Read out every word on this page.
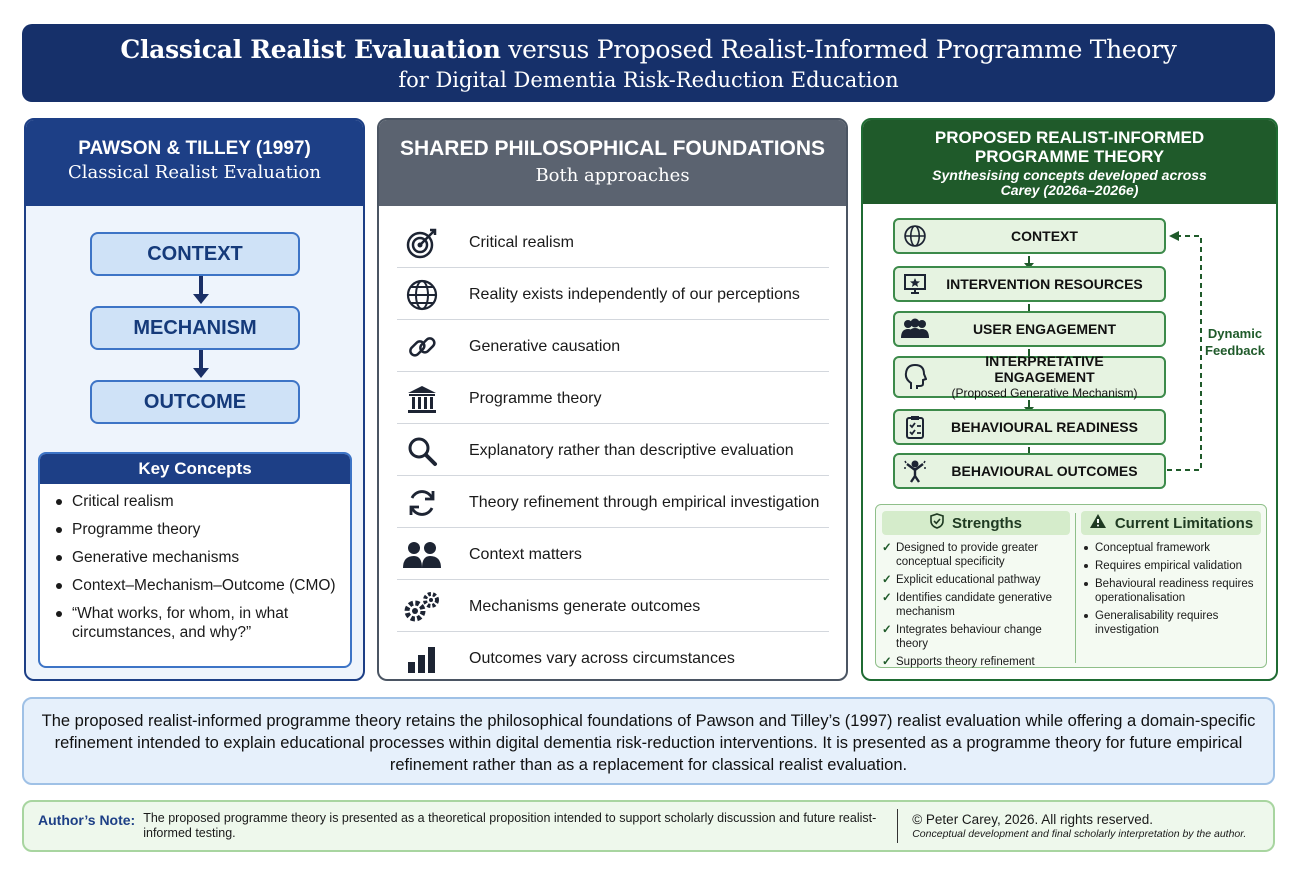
Classical Realist Evaluation versus Proposed Realist-Informed Programme Theory
for Digital Dementia Risk-Reduction Education
PAWSON & TILLEY (1997)
Classical Realist Evaluation
CONTEXT
MECHANISM
OUTCOME
Key Concepts
Critical realism
Programme theory
Generative mechanisms
Context–Mechanism–Outcome (CMO)
“What works, for whom, in what circumstances, and why?”
SHARED PHILOSOPHICAL FOUNDATIONS
Both approaches
Critical realism
Reality exists independently of our perceptions
Generative causation
Programme theory
Explanatory rather than descriptive evaluation
Theory refinement through empirical investigation
Context matters
Mechanisms generate outcomes
Outcomes vary across circumstances
PROPOSED REALIST-INFORMED PROGRAMME THEORY
Synthesising concepts developed across Carey (2026a–2026e)
CONTEXT
INTERVENTION RESOURCES
USER ENGAGEMENT
INTERPRETATIVE ENGAGEMENT
(Proposed Generative Mechanism)
BEHAVIOURAL READINESS
BEHAVIOURAL OUTCOMES
Dynamic Feedback
Strengths
✓ Designed to provide greater conceptual specificity
✓ Explicit educational pathway
✓ Identifies candidate generative mechanism
✓ Integrates behaviour change theory
✓ Supports theory refinement
Current Limitations
Conceptual framework
Requires empirical validation
Behavioural readiness requires operationalisation
Generalisability requires investigation
The proposed realist-informed programme theory retains the philosophical foundations of Pawson and Tilley’s (1997) realist evaluation while offering a domain-specific refinement intended to explain educational processes within digital dementia risk-reduction interventions. It is presented as a programme theory for future empirical refinement rather than as a replacement for classical realist evaluation.
Author’s Note: The proposed programme theory is presented as a theoretical proposition intended to support scholarly discussion and future realist-informed testing.
© Peter Carey, 2026. All rights reserved.
Conceptual development and final scholarly interpretation by the author.
